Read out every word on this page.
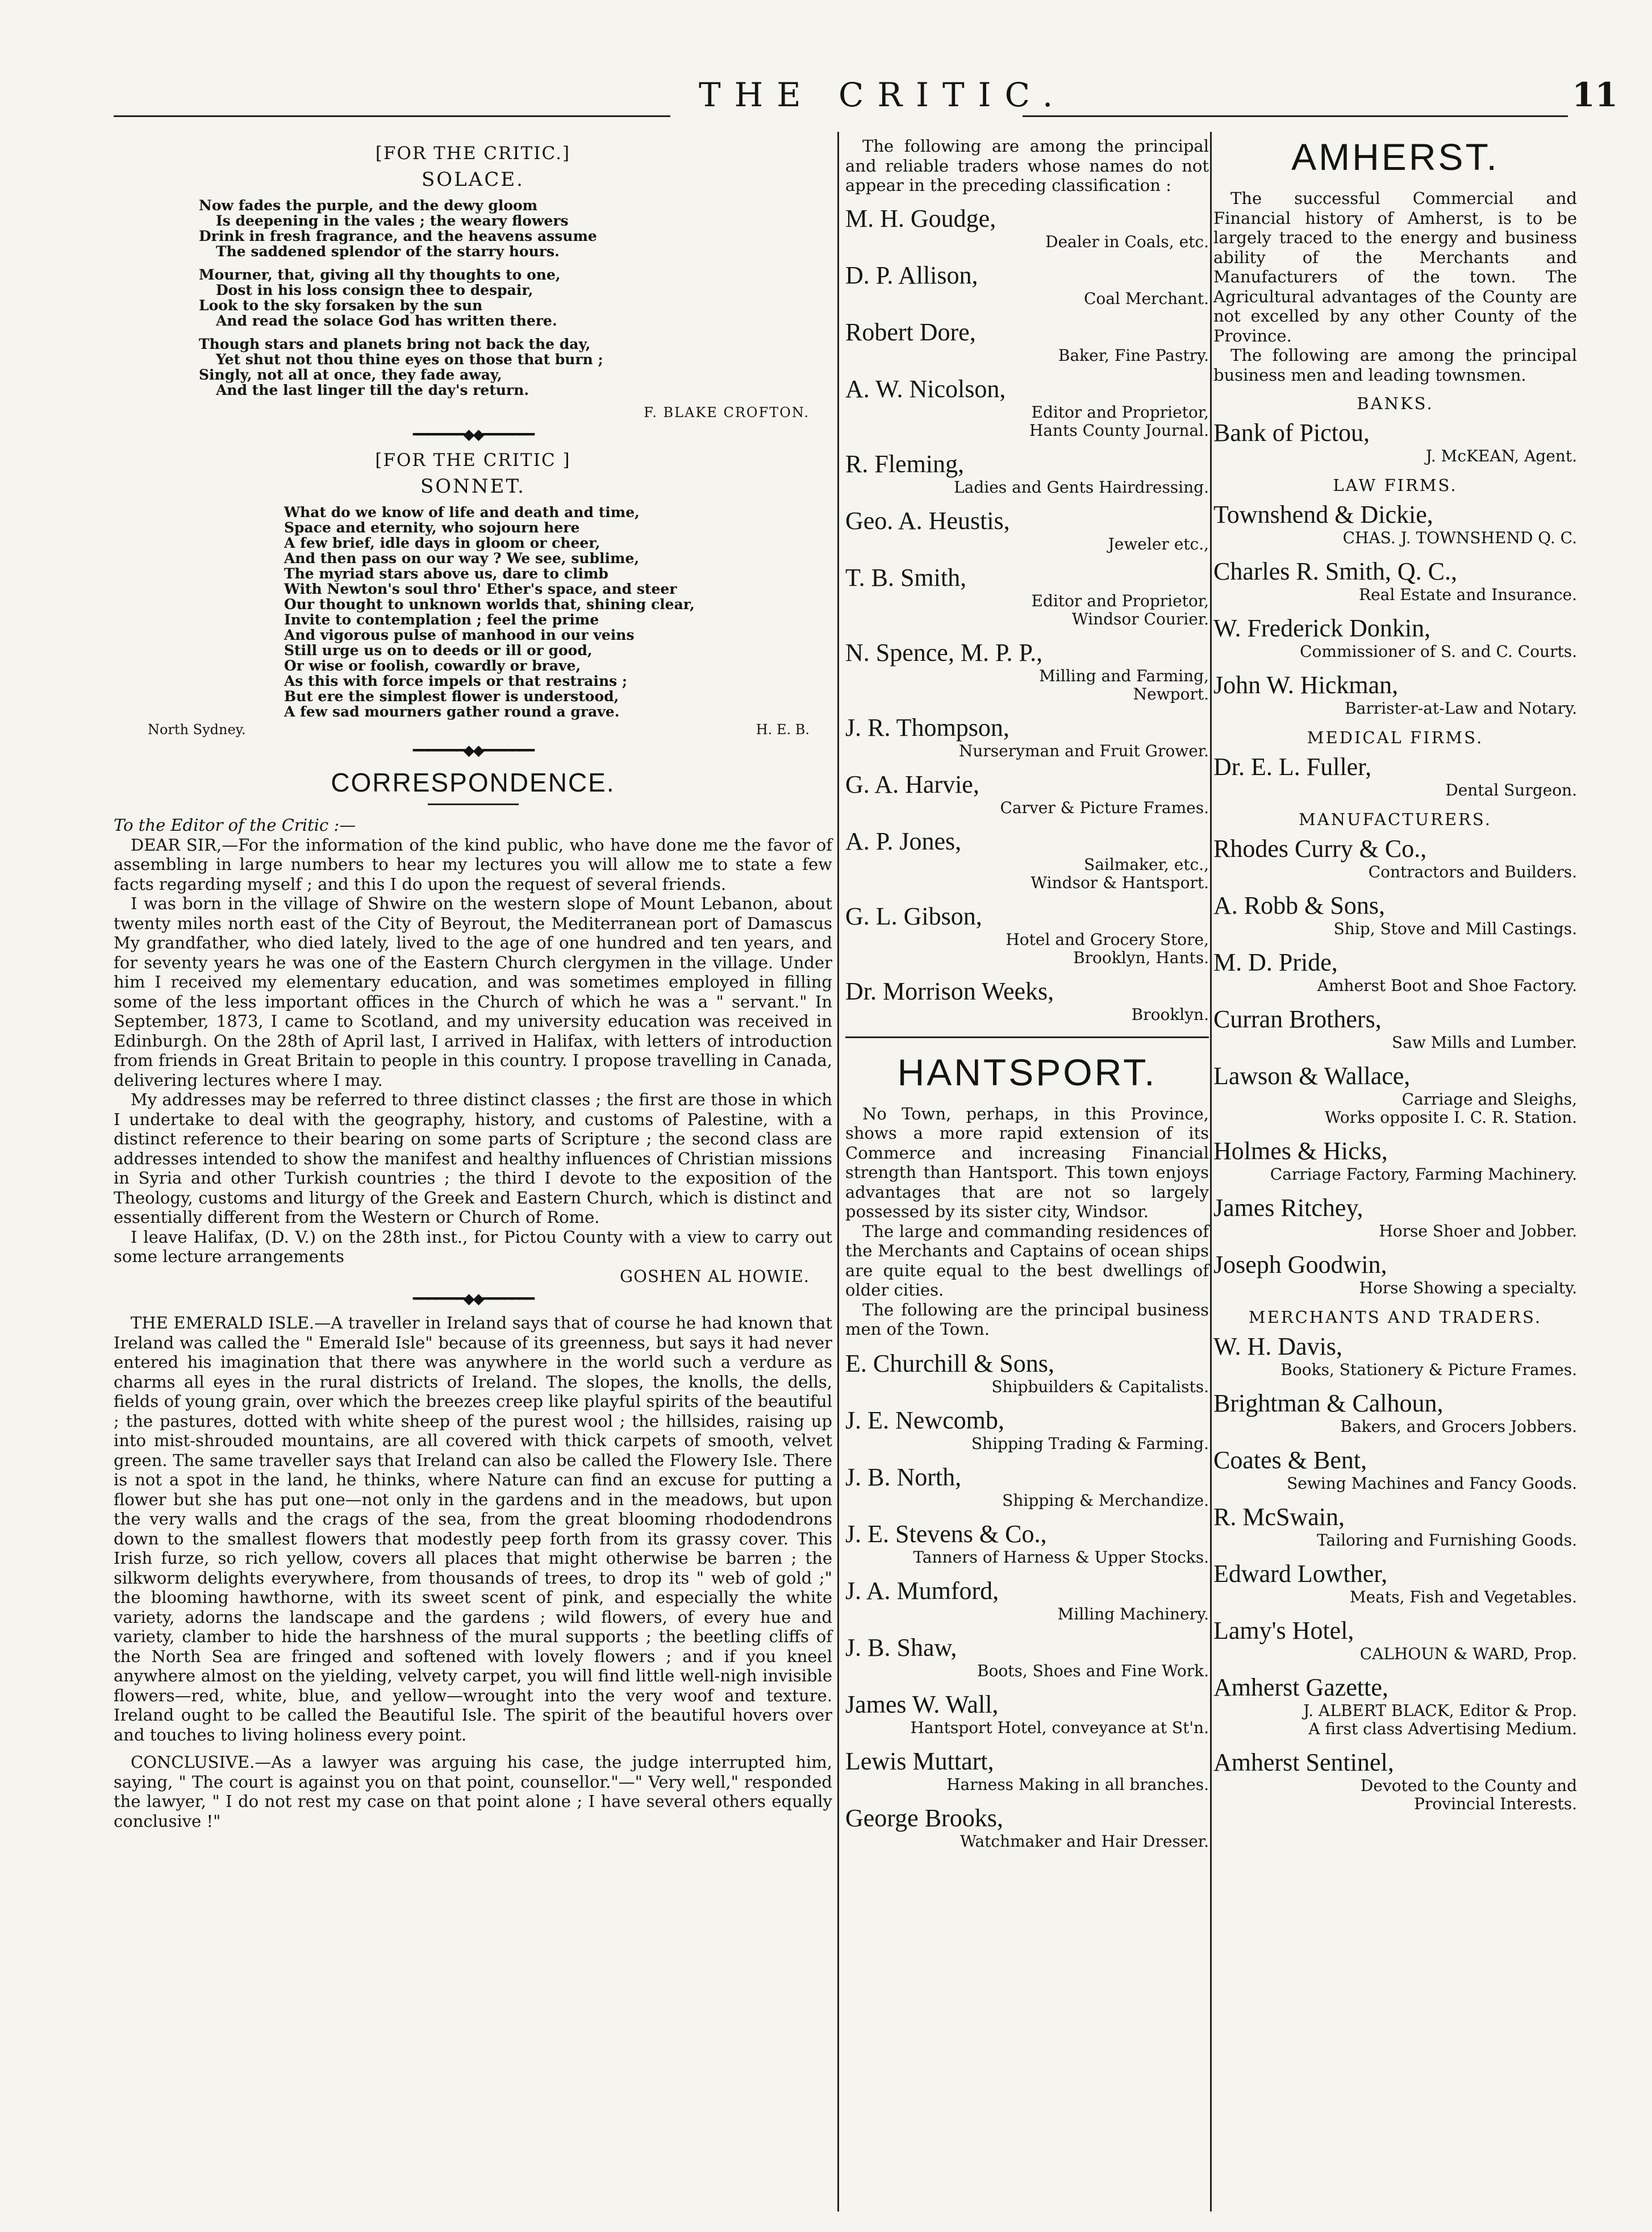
THE CRITIC.	11
[FOR THE CRITIC.]
SOLACE.
Now fades the purple, and the dewy gloom
Is deepening in the vales ; the weary flowers
Drink in fresh fragrance, and the heavens assume
The saddened splendor of the starry hours.
Mourner, that, giving all thy thoughts to one,
Dost in his loss consign thee to despair,
Look to the sky forsaken by the sun
And read the solace God has written there.
Though stars and planets bring not back the day,
Yet shut not thou thine eyes on those that burn ;
Singly, not all at once, they fade away,
And the last linger till the day's return.
F. BLAKE CROFTON.
━━━━━━━◆◆━━━━━━━
[FOR THE CRITIC ]
SONNET.
What do we know of life and death and time,
Space and eternity, who sojourn here
A few brief, idle days in gloom or cheer,
And then pass on our way ? We see, sublime,
The myriad stars above us, dare to climb
With Newton's soul thro' Ether's space, and steer
Our thought to unknown worlds that, shining clear,
Invite to contemplation ; feel the prime
And vigorous pulse of manhood in our veins
Still urge us on to deeds or ill or good,
Or wise or foolish, cowardly or brave,
As this with force impels or that restrains ;
But ere the simplest flower is understood,
A few sad mourners gather round a grave.
North Sydney.	H. E. B.
━━━━━━━◆◆━━━━━━━
CORRESPONDENCE.

To the Editor of the Critic :—

DEAR SIR,—For the information of the kind public, who have done me the favor of assembling in large numbers to hear my lectures you will allow me to state a few facts regarding myself ; and this I do upon the request of several friends.

I was born in the village of Shwire on the western slope of Mount Lebanon, about twenty miles north east of the City of Beyrout, the Mediterranean port of Damascus My grandfather, who died lately, lived to the age of one hundred and ten years, and for seventy years he was one of the Eastern Church clergymen in the village. Under him I received my elementary education, and was sometimes employed in filling some of the less important offices in the Church of which he was a " servant." In September, 1873, I came to Scotland, and my university education was received in Edinburgh. On the 28th of April last, I arrived in Halifax, with letters of introduction from friends in Great Britain to people in this country. I propose travelling in Canada, delivering lectures where I may.

My addresses may be referred to three distinct classes ; the first are those in which I undertake to deal with the geography, history, and customs of Palestine, with a distinct reference to their bearing on some parts of Scripture ; the second class are addresses intended to show the manifest and healthy influences of Christian missions in Syria and other Turkish countries ; the third I devote to the exposition of the Theology, customs and liturgy of the Greek and Eastern Church, which is distinct and essentially different from the Western or Church of Rome.

I leave Halifax, (D. V.) on the 28th inst., for Pictou County with a view to carry out some lecture arrangements

GOSHEN AL HOWIE.
━━━━━━━◆◆━━━━━━━

THE EMERALD ISLE.—A traveller in Ireland says that of course he had known that Ireland was called the " Emerald Isle" because of its greenness, but says it had never entered his imagination that there was anywhere in the world such a verdure as charms all eyes in the rural districts of Ireland. The slopes, the knolls, the dells, fields of young grain, over which the breezes creep like playful spirits of the beautiful ; the pastures, dotted with white sheep of the purest wool ; the hillsides, raising up into mist-shrouded mountains, are all covered with thick carpets of smooth, velvet green. The same traveller says that Ireland can also be called the Flowery Isle. There is not a spot in the land, he thinks, where Nature can find an excuse for putting a flower but she has put one—not only in the gardens and in the meadows, but upon the very walls and the crags of the sea, from the great blooming rhododendrons down to the smallest flowers that modestly peep forth from its grassy cover. This Irish furze, so rich yellow, covers all places that might otherwise be barren ; the silkworm delights everywhere, from thousands of trees, to drop its " web of gold ;" the blooming hawthorne, with its sweet scent of pink, and especially the white variety, adorns the landscape and the gardens ; wild flowers, of every hue and variety, clamber to hide the harshness of the mural supports ; the beetling cliffs of the North Sea are fringed and softened with lovely flowers ; and if you kneel anywhere almost on the yielding, velvety carpet, you will find little well-nigh invisible flowers—red, white, blue, and yellow—wrought into the very woof and texture. Ireland ought to be called the Beautiful Isle. The spirit of the beautiful hovers over and touches to living holiness every point.

CONCLUSIVE.—As a lawyer was arguing his case, the judge interrupted him, saying, " The court is against you on that point, counsellor."—" Very well," responded the lawyer, " I do not rest my case on that point alone ; I have several others equally conclusive !"

The following are among the principal and reliable traders whose names do not appear in the preceding classification :

M. H. Goudge,
Dealer in Coals, etc.
D. P. Allison,
Coal Merchant.
Robert Dore,
Baker, Fine Pastry.
A. W. Nicolson,
Editor and Proprietor,
Hants County Journal.
R. Fleming,
Ladies and Gents Hairdressing.
Geo. A. Heustis,
Jeweler etc.,
T. B. Smith,
Editor and Proprietor,
Windsor Courier.
N. Spence, M. P. P.,
Milling and Farming,
Newport.
J. R. Thompson,
Nurseryman and Fruit Grower.
G. A. Harvie,
Carver & Picture Frames.
A. P. Jones,
Sailmaker, etc.,
Windsor & Hantsport.
G. L. Gibson,
Hotel and Grocery Store,
Brooklyn, Hants.
Dr. Morrison Weeks,
Brooklyn.
HANTSPORT.

No Town, perhaps, in this Province, shows a more rapid extension of its Commerce and increasing Financial strength than Hantsport. This town enjoys advantages that are not so largely possessed by its sister city, Windsor.

The large and commanding residences of the Merchants and Captains of ocean ships are quite equal to the best dwellings of older cities.

The following are the principal business men of the Town.

E. Churchill & Sons,
Shipbuilders & Capitalists.
J. E. Newcomb,
Shipping Trading & Farming.
J. B. North,
Shipping & Merchandize.
J. E. Stevens & Co.,
Tanners of Harness & Upper Stocks.
J. A. Mumford,
Milling Machinery.
J. B. Shaw,
Boots, Shoes and Fine Work.
James W. Wall,
Hantsport Hotel, conveyance at St'n.
Lewis Muttart,
Harness Making in all branches.
George Brooks,
Watchmaker and Hair Dresser.
AMHERST.

The successful Commercial and Financial history of Amherst, is to be largely traced to the energy and business ability of the Merchants and Manufacturers of the town. The Agricultural advantages of the County are not excelled by any other County of the Province.

The following are among the principal business men and leading townsmen.

BANKS.
Bank of Pictou,
J. McKEAN, Agent.
LAW FIRMS.
Townshend & Dickie,
CHAS. J. TOWNSHEND Q. C.
Charles R. Smith, Q. C.,
Real Estate and Insurance.
W. Frederick Donkin,
Commissioner of S. and C. Courts.
John W. Hickman,
Barrister-at-Law and Notary.
MEDICAL FIRMS.
Dr. E. L. Fuller,
Dental Surgeon.
MANUFACTURERS.
Rhodes Curry & Co.,
Contractors and Builders.
A. Robb & Sons,
Ship, Stove and Mill Castings.
M. D. Pride,
Amherst Boot and Shoe Factory.
Curran Brothers,
Saw Mills and Lumber.
Lawson & Wallace,
Carriage and Sleighs,
Works opposite I. C. R. Station.
Holmes & Hicks,
Carriage Factory, Farming Machinery.
James Ritchey,
Horse Shoer and Jobber.
Joseph Goodwin,
Horse Showing a specialty.
MERCHANTS AND TRADERS.
W. H. Davis,
Books, Stationery & Picture Frames.
Brightman & Calhoun,
Bakers, and Grocers Jobbers.
Coates & Bent,
Sewing Machines and Fancy Goods.
R. McSwain,
Tailoring and Furnishing Goods.
Edward Lowther,
Meats, Fish and Vegetables.
Lamy's Hotel,
CALHOUN & WARD, Prop.
Amherst Gazette,
J. ALBERT BLACK, Editor & Prop.
A first class Advertising Medium.
Amherst Sentinel,
Devoted to the County and
Provincial Interests.
